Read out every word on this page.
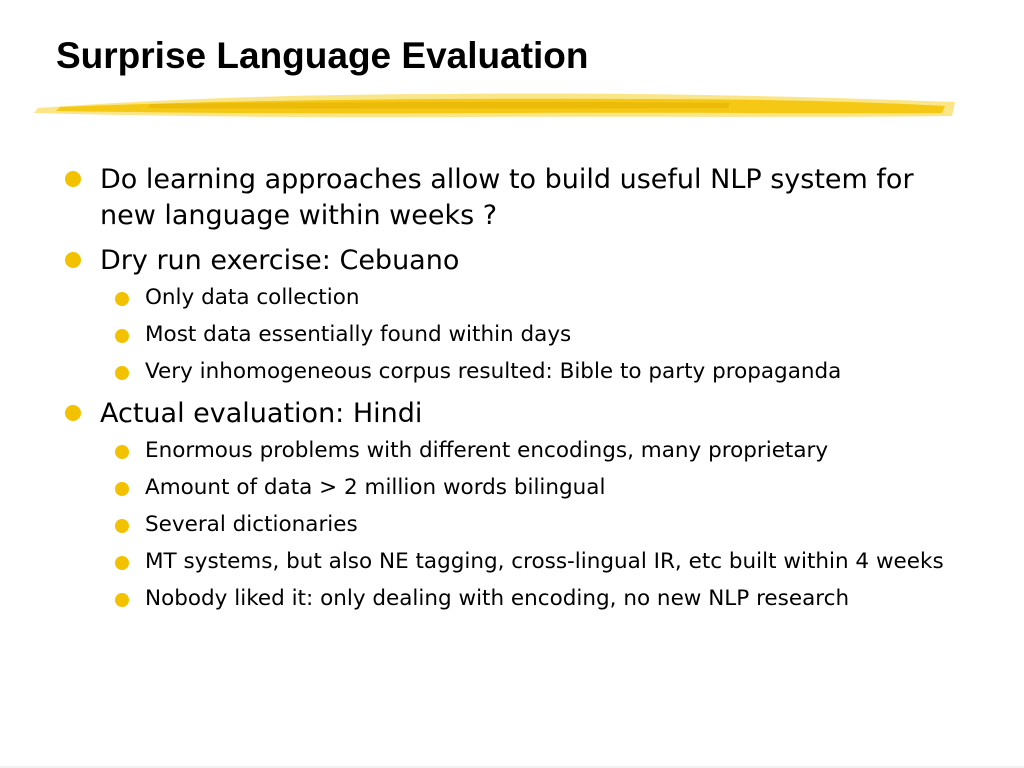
Surprise Language Evaluation
Do learning approaches allow to build useful NLP system for new language within weeks ?
Dry run exercise: Cebuano
Only data collection
Most data essentially found within days
Very inhomogeneous corpus resulted: Bible to party propaganda
Actual evaluation: Hindi
Enormous problems with different encodings, many proprietary
Amount of data > 2 million words bilingual
Several dictionaries
MT systems, but also NE tagging, cross-lingual IR, etc built within 4 weeks
Nobody liked it: only dealing with encoding, no new NLP research
